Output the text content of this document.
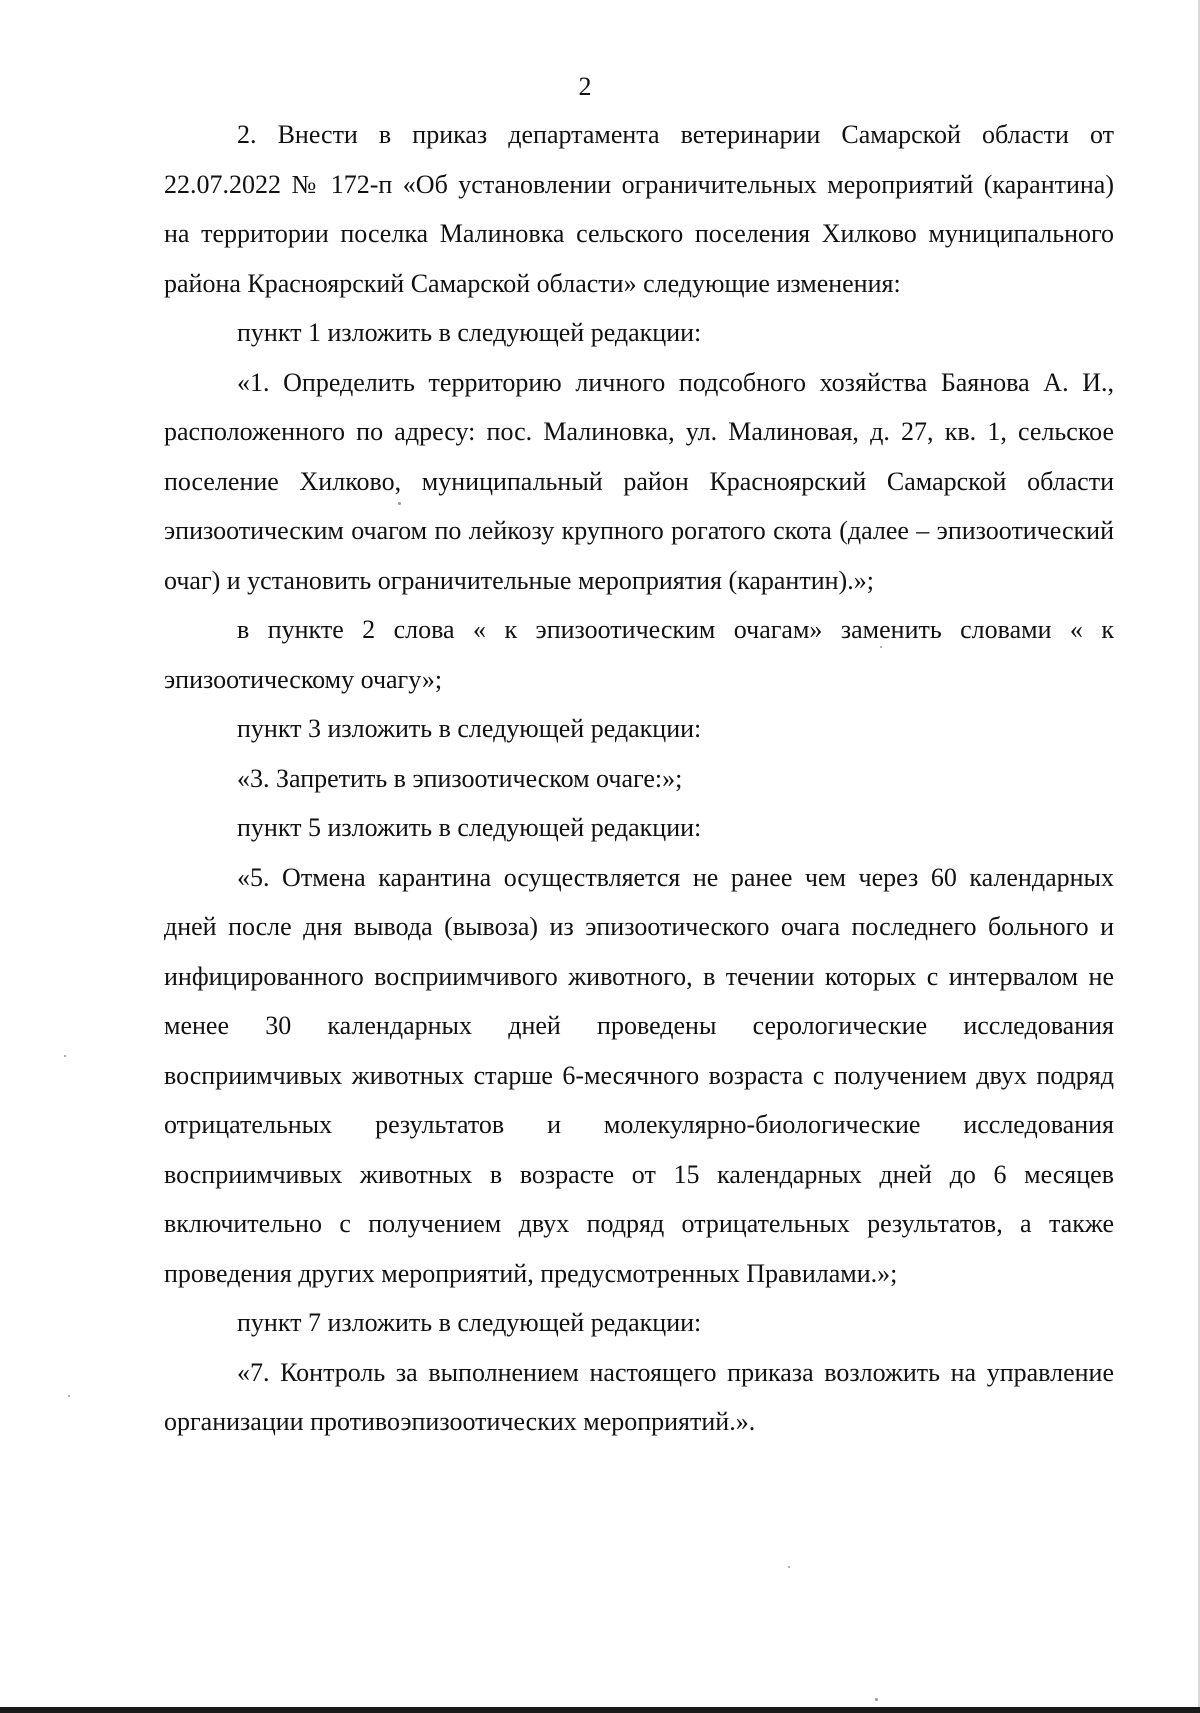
2

2. Внести в приказ департамента ветеринарии Самарской области от 22.07.2022 № 172-п «Об установлении ограничительных мероприятий (карантина) на территории поселка Малиновка сельского поселения Хилково муниципального района Красноярский Самарской области» следующие изменения:

пункт 1 изложить в следующей редакции:

«1. Определить территорию личного подсобного хозяйства Баянова А. И., расположенного по адресу: пос. Малиновка, ул. Малиновая, д. 27, кв. 1, сельское поселение Хилково, муниципальный район Красноярский Самарской области эпизоотическим очагом по лейкозу крупного рогатого скота (далее – эпизоотический очаг) и установить ограничительные мероприятия (карантин).»;

в пункте 2 слова « к эпизоотическим очагам» заменить словами « к эпизоотическому очагу»;

пункт 3 изложить в следующей редакции:

«3. Запретить в эпизоотическом очаге:»;

пункт 5 изложить в следующей редакции:

«5. Отмена карантина осуществляется не ранее чем через 60 календарных дней после дня вывода (вывоза) из эпизоотического очага последнего больного и инфицированного восприимчивого животного, в течении которых с интервалом не менее 30 календарных дней проведены серологические исследования восприимчивых животных старше 6-месячного возраста с получением двух подряд отрицательных результатов и молекулярно-биологические исследования восприимчивых животных в возрасте от 15 календарных дней до 6 месяцев включительно с получением двух подряд отрицательных результатов, а также проведения других мероприятий, предусмотренных Правилами.»;

пункт 7 изложить в следующей редакции:

«7. Контроль за выполнением настоящего приказа возложить на управление организации противоэпизоотических мероприятий.».
